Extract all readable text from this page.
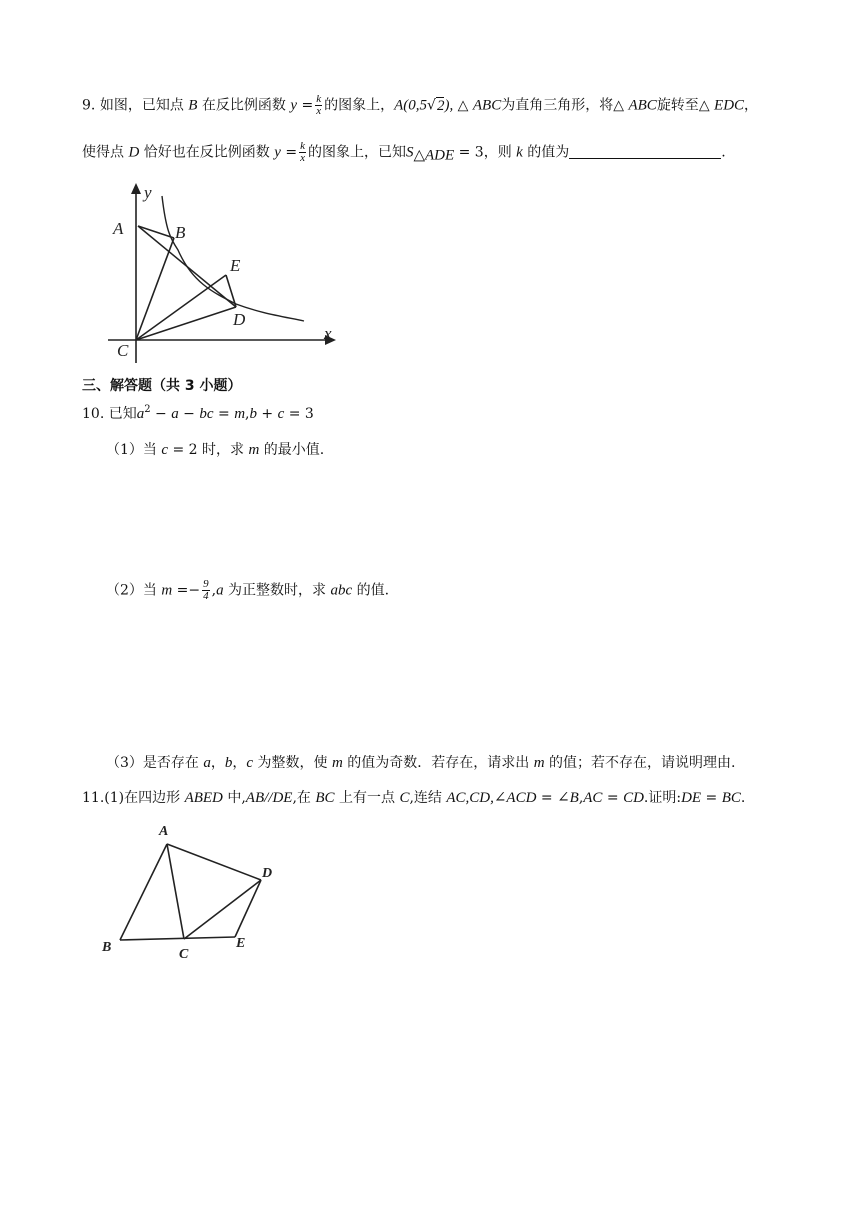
9. 如图，已知点 B 在反比例函数 $y = \frac{k}{x}$ 的图象上，A(0,5√2), △ ABC为直角三角形，将△ ABC旋转至△ EDC，
使得点 D 恰好也在反比例函数 $y = \frac{k}{x}$ 的图象上，已知$S_{\triangle ADE} = 3$，则 k 的值为	.
y
A	B
E
D
x
C
三、解答题（共 3 小题）
10. 已知$a^2 - a$ − bc = m,b + c = 3
（1）当 c = 2 时，求 m 的最小值.
（2）当 $m =- \frac{9}{4} ,a$ 为正整数时，求 abc 的值.
（3）是否存在 a，b，c 为整数，使 m 的值为奇数．若存在，请求出 m 的值；若不存在，请说明理由.
11.(1)在四边形 ABED 中,AB//DE,在 BC 上有一点 C,连结 AC,CD,∠ACD = ∠B,AC = CD.证明:DE = BC.
A
D
B	C
E
